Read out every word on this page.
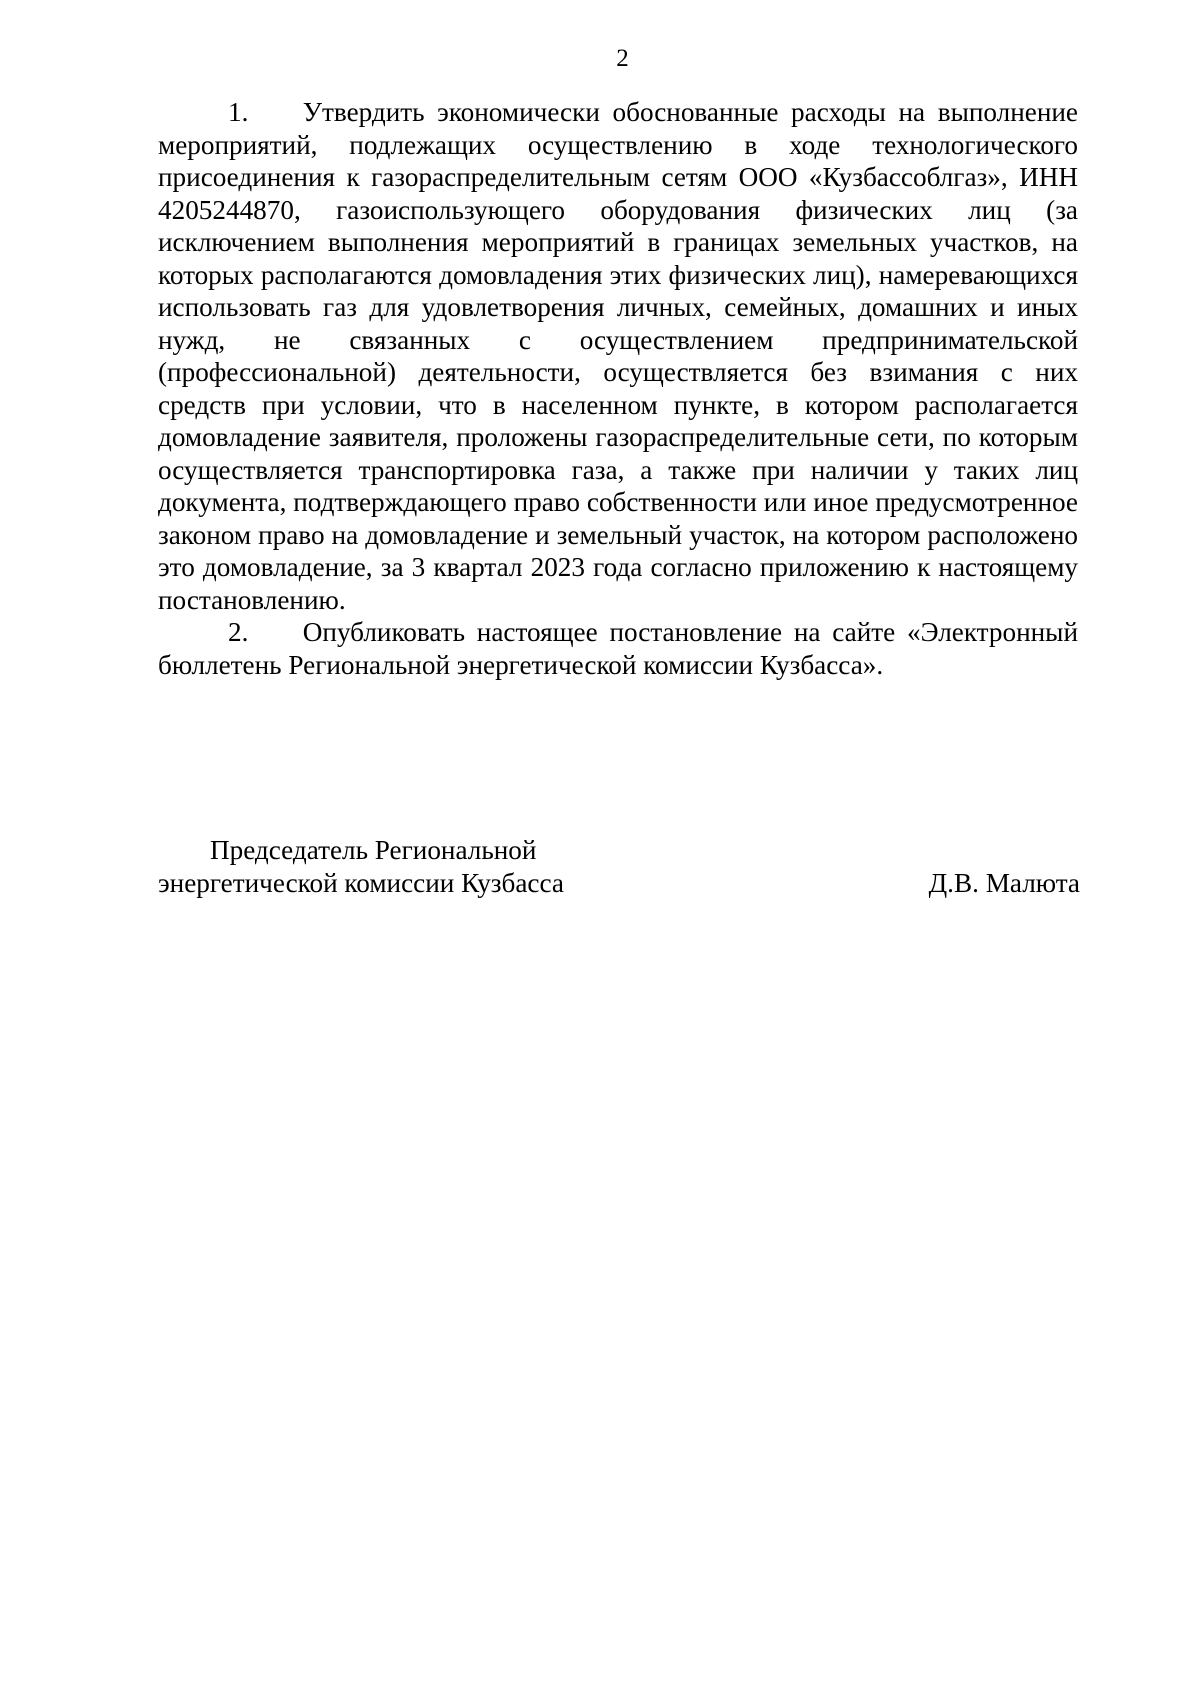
2

1.  Утвердить экономически обоснованные расходы на выполнение мероприятий, подлежащих осуществлению в ходе технологического присоединения к газораспределительным сетям ООО «Кузбассоблгаз», ИНН 4205244870, газоиспользующего оборудования физических лиц (за исключением выполнения мероприятий в границах земельных участков, на которых располагаются домовладения этих физических лиц), намеревающихся использовать газ для удовлетворения личных, семейных, домашних и иных нужд, не связанных с осуществлением предпринимательской (профессиональной) деятельности, осуществляется без взимания с них средств при условии, что в населенном пункте, в котором располагается домовладение заявителя, проложены газораспределительные сети, по которым осуществляется транспортировка газа, а также при наличии у таких лиц документа, подтверждающего право собственности или иное предусмотренное законом право на домовладение и земельный участок, на котором расположено это домовладение, за 3 квартал 2023 года согласно приложению к настоящему постановлению.

2.  Опубликовать настоящее постановление на сайте «Электронный бюллетень Региональной энергетической комиссии Кузбасса».

Председатель Региональной
энергетической комиссии Кузбасса	Д.В. Малюта
